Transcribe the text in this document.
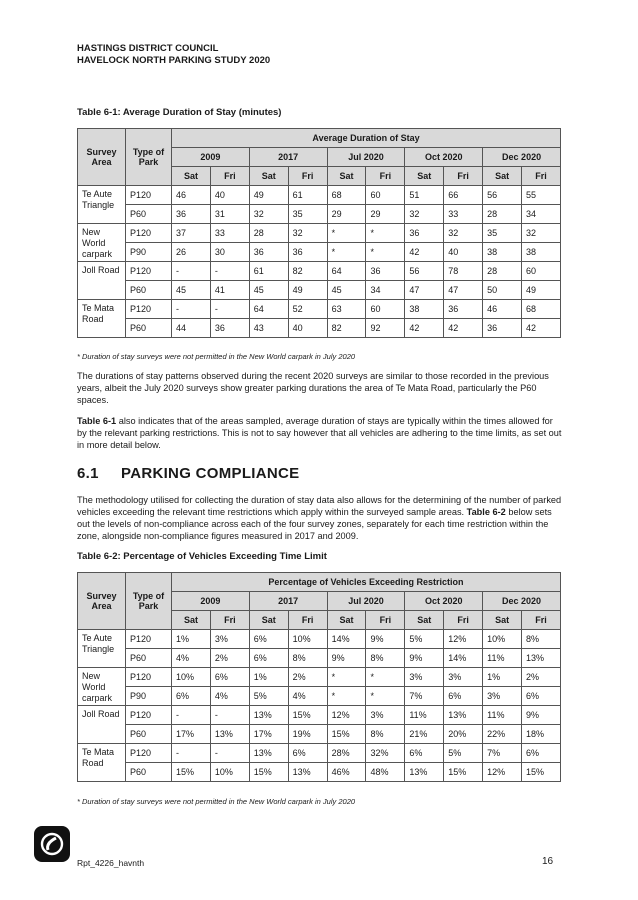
HASTINGS DISTRICT COUNCIL
HAVELOCK NORTH PARKING STUDY 2020
Table 6-1: Average Duration of Stay (minutes)
Survey Area	Type of Park	Average Duration of Stay									
		2009		2017		Jul 2020		Oct 2020		Dec 2020	
		Sat	Fri	Sat	Fri	Sat	Fri	Sat	Fri	Sat	Fri
Te Aute Triangle	P120	46	40	49	61	68	60	51	66	56	55
	P60	36	31	32	35	29	29	32	33	28	34
New World carpark	P120	37	33	28	32	*	*	36	32	35	32
	P90	26	30	36	36	*	*	42	40	38	38
Joll Road	P120	-	-	61	82	64	36	56	78	28	60
	P60	45	41	45	49	45	34	47	47	50	49
Te Mata Road	P120	-	-	64	52	63	60	38	36	46	68
	P60	44	36	43	40	82	92	42	42	36	42
* Duration of stay surveys were not permitted in the New World carpark in July 2020

The durations of stay patterns observed during the recent 2020 surveys are similar to those recorded in the previous years, albeit the July 2020 surveys show greater parking durations the area of Te Mata Road, particularly the P60 spaces.

Table 6-1 also indicates that of the areas sampled, average duration of stays are typically within the times allowed for by the relevant parking restrictions. This is not to say however that all vehicles are adhering to the time limits, as set out in more detail below.

6.1 PARKING COMPLIANCE

The methodology utilised for collecting the duration of stay data also allows for the determining of the number of parked vehicles exceeding the relevant time restrictions which apply within the surveyed sample areas. Table 6-2 below sets out the levels of non-compliance across each of the four survey zones, separately for each time restriction within the zone, alongside non-compliance figures measured in 2017 and 2009.

Table 6-2: Percentage of Vehicles Exceeding Time Limit
Survey Area	Type of Park	Percentage of Vehicles Exceeding Restriction									
		2009		2017		Jul 2020		Oct 2020		Dec 2020	
		Sat	Fri	Sat	Fri	Sat	Fri	Sat	Fri	Sat	Fri
Te Aute Triangle	P120	1%	3%	6%	10%	14%	9%	5%	12%	10%	8%
	P60	4%	2%	6%	8%	9%	8%	9%	14%	11%	13%
New World carpark	P120	10%	6%	1%	2%	*	*	3%	3%	1%	2%
	P90	6%	4%	5%	4%	*	*	7%	6%	3%	6%
Joll Road	P120	-	-	13%	15%	12%	3%	11%	13%	11%	9%
	P60	17%	13%	17%	19%	15%	8%	21%	20%	22%	18%
Te Mata Road	P120	-	-	13%	6%	28%	32%	6%	5%	7%	6%
	P60	15%	10%	15%	13%	46%	48%	13%	15%	12%	15%
* Duration of stay surveys were not permitted in the New World carpark in July 2020
Rpt_4226_havnth	16
